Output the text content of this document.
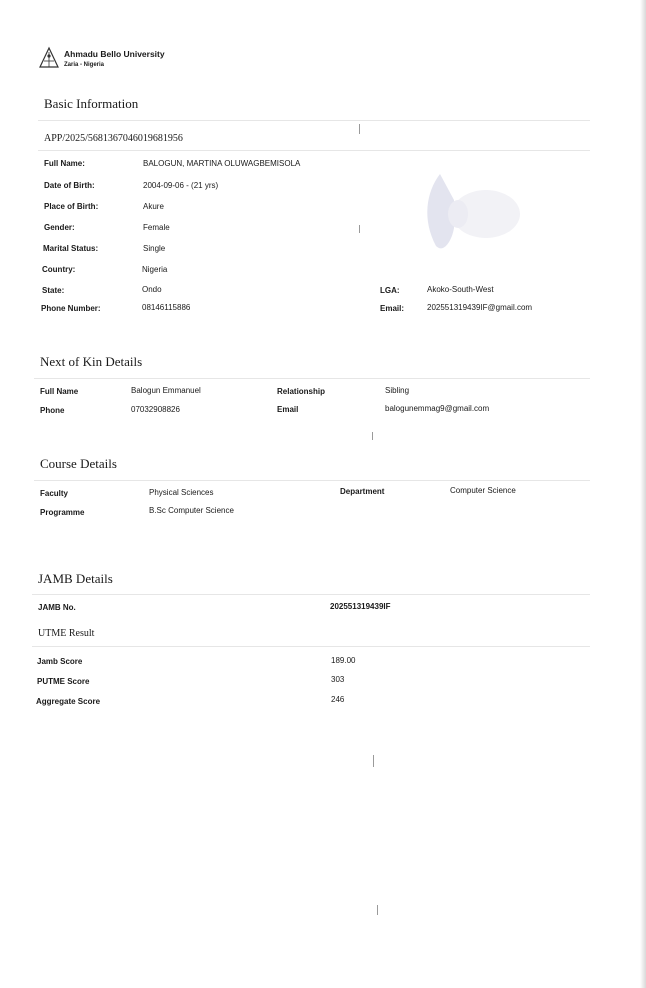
Ahmadu Bello University
Zaria - Nigeria
Basic Information
APP/2025/5681367046019681956
Full Name:	BALOGUN, MARTINA OLUWAGBEMISOLA
Date of Birth:	2004-09-06 - (21 yrs)
Place of Birth:	Akure
Gender:	Female
Marital Status:	Single
Country:	Nigeria
State:	Ondo
Phone Number:	08146115886
LGA:	Akoko-South-West
Email:	202551319439IF@gmail.com
Next of Kin Details
Full Name	Balogun Emmanuel	Relationship	Sibling
Phone	07032908826	Email	balogunemmag9@gmail.com
Course Details
Faculty	Physical Sciences	Department	Computer Science
Programme	B.Sc Computer Science
JAMB Details
JAMB No.	202551319439IF
UTME Result
Jamb Score	189.00
PUTME Score	303
Aggregate Score	246
